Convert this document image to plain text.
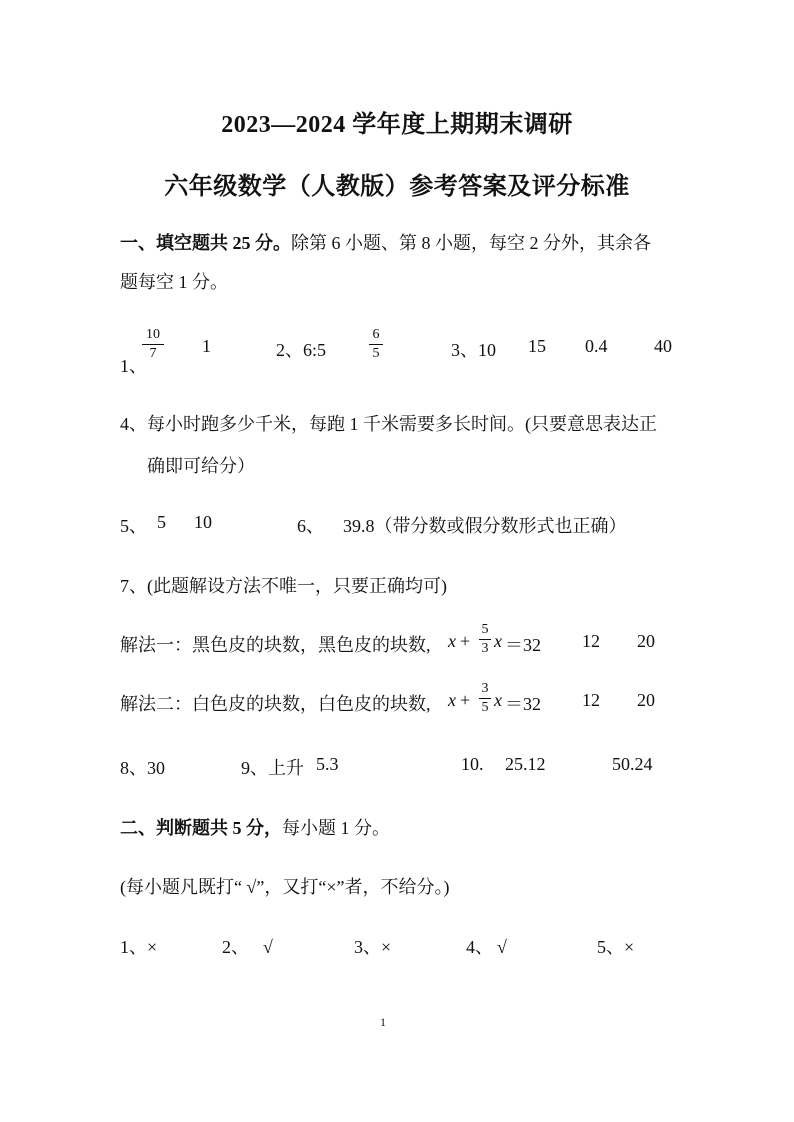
2023—2024 学年度上期期末调研
六年级数学（人教版）参考答案及评分标准
一、填空题共 25 分。除第 6 小题、第 8 小题，每空 2 分外，其余各
题每空 1 分。
1、
10
7	1	2、6:5
6
5	3、10 15 0.4	40
4、每小时跑多少千米，每跑 1 千米需要多长时间。(只要意思表达正
确即可给分）
5、 5 10	6、 39.8（带分数或假分数形式也正确）
7、(此题解设方法不唯一，只要正确均可)
解法一：黑色皮的块数，黑色皮的块数, x +
5
3 x ＝32 12 20
解法二：白色皮的块数，白色皮的块数, x +
3
5 x ＝32 12 20
8、30	9、上升 5.3	10. 25.12	50.24
二、判断题共 5 分，每小题 1 分。
(每小题凡既打“ √”，又打“×”者，不给分。)
1、×	2、 √	3、×	4、 √	5、×
1
